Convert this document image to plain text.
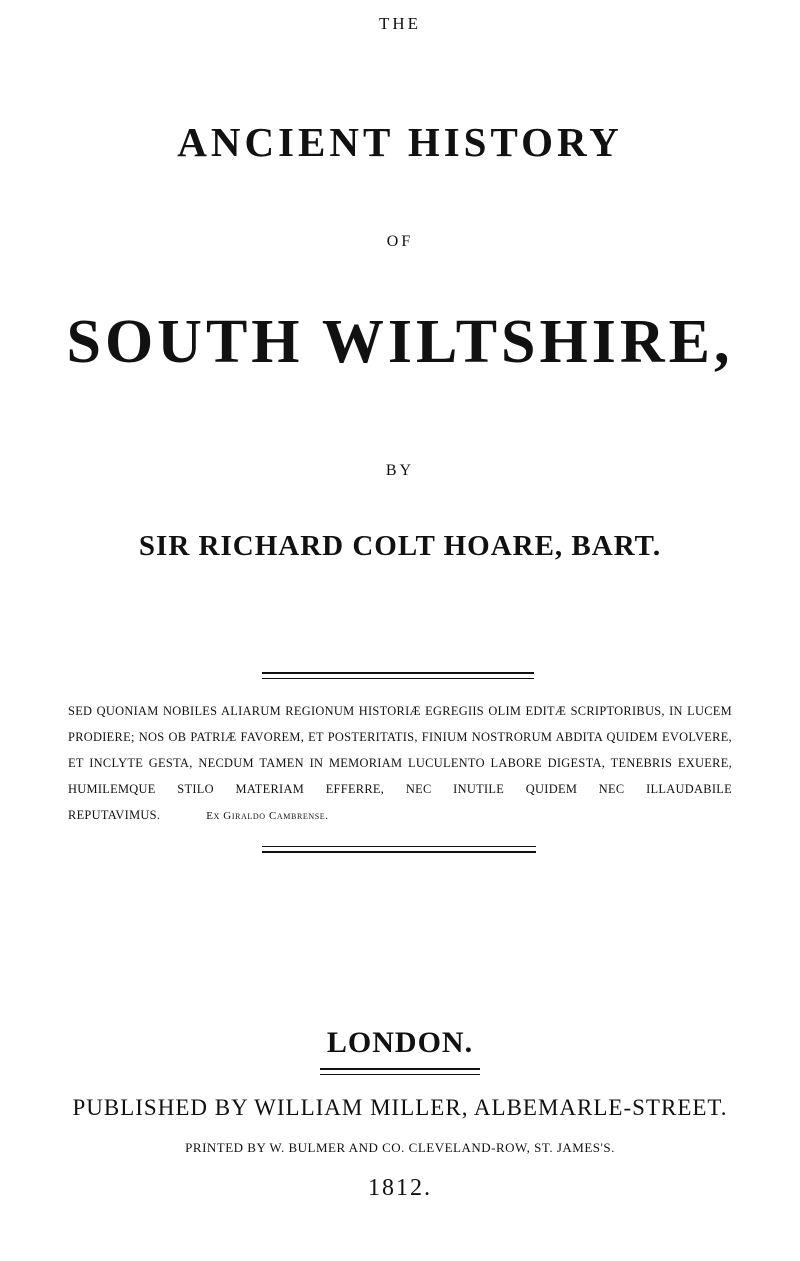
THE
ANCIENT HISTORY
OF
SOUTH WILTSHIRE,
BY
SIR RICHARD COLT HOARE, BART.
SED QUONIAM NOBILES ALIARUM REGIONUM HISTORIÆ EGREGIIS OLIM EDITÆ SCRIPTORIBUS, IN LUCEM PRODIERE; NOS OB PATRIÆ FAVOREM, ET POSTERITATIS, FINIUM NOSTRORUM ABDITA QUIDEM EVOLVERE, ET INCLYTE GESTA, NECDUM TAMEN IN MEMORIAM LUCULENTO LABORE DIGESTA, TENEBRIS EXUERE, HUMILEMQUE STILO MATERIAM EFFERRE, NEC INUTILE QUIDEM NEC ILLAUDABILE REPUTAVIMUS.	Ex Giraldo Cambrense.
LONDON.
PUBLISHED BY WILLIAM MILLER, ALBEMARLE-STREET.
PRINTED BY W. BULMER AND CO. CLEVELAND-ROW, ST. JAMES'S.
1812.
